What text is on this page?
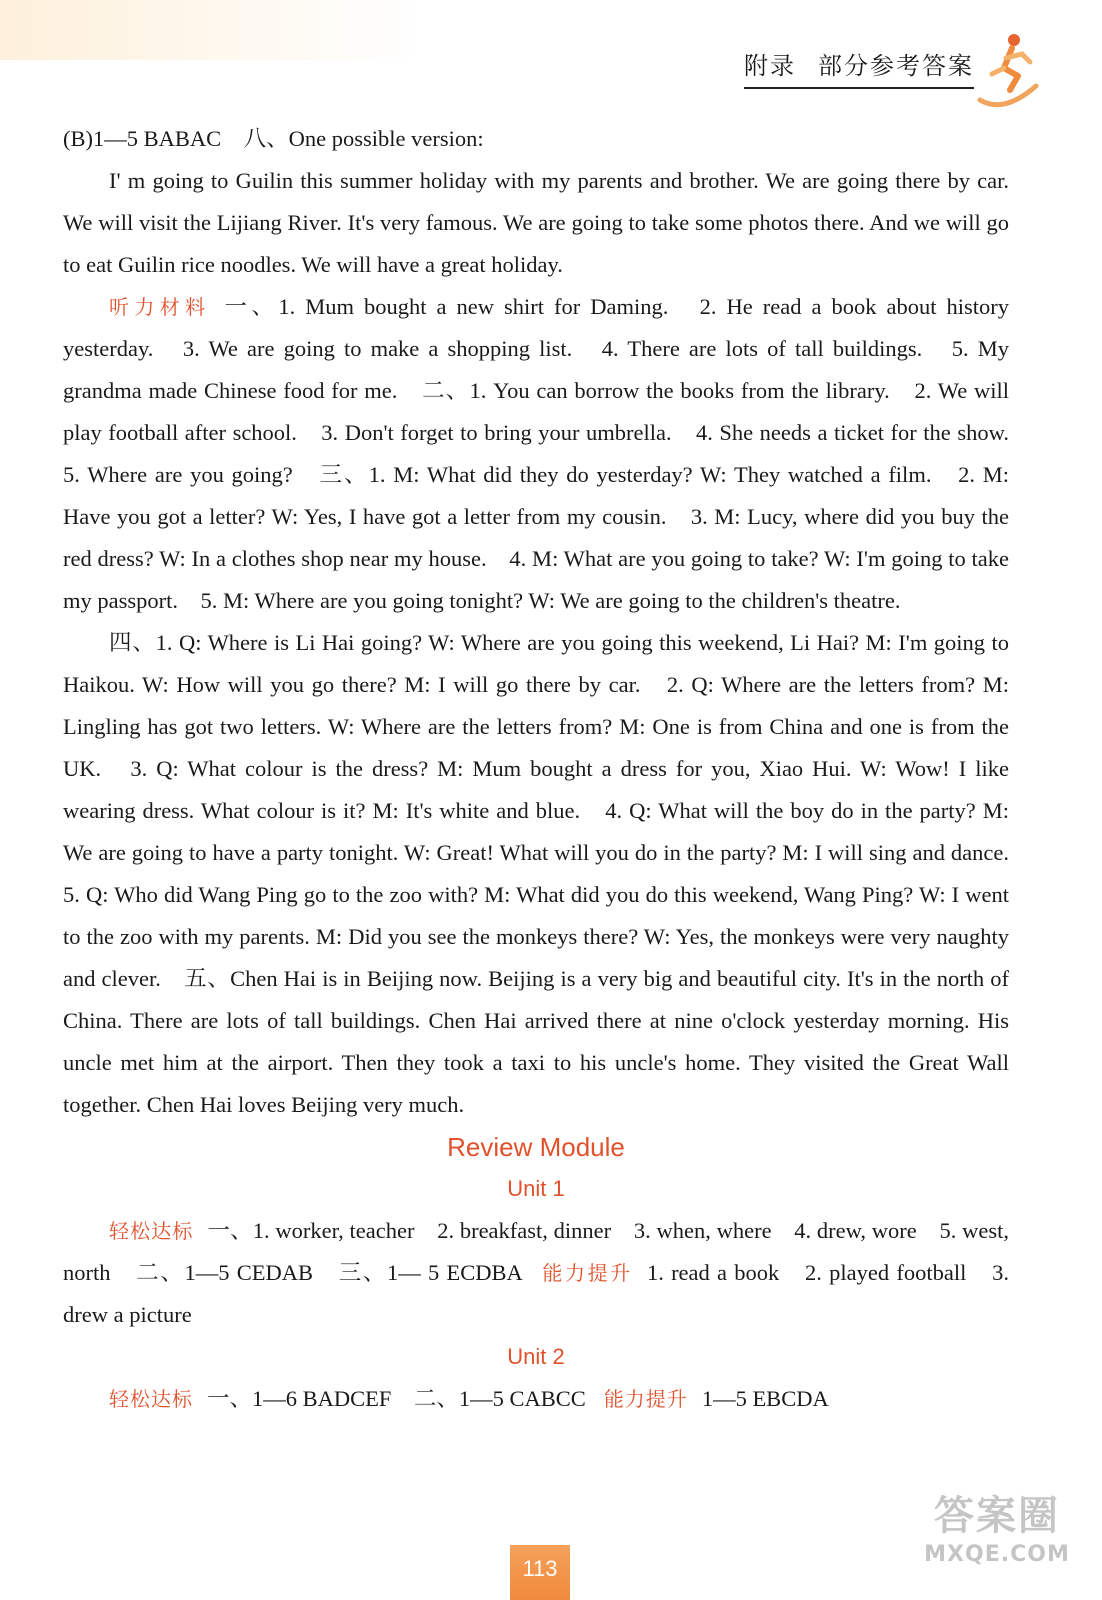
附录 部分参考答案

(B)1—5 BABAC　八、One possible version:

I' m going to Guilin this summer holiday with my parents and brother. We are going there by car. We will visit the Lijiang River. It's very famous. We are going to take some photos there. And we will go to eat Guilin rice noodles. We will have a great holiday.

听力材料 一、1. Mum bought a new shirt for Daming.　2. He read a book about history yesterday.　3. We are going to make a shopping list.　4. There are lots of tall buildings.　5. My grandma made Chinese food for me.　二、1. You can borrow the books from the library.　2. We will play football after school.　3. Don't forget to bring your umbrella.　4. She needs a ticket for the show.　5. Where are you going?　三、1. M: What did they do yesterday? W: They watched a film.　2. M: Have you got a letter? W: Yes, I have got a letter from my cousin.　3. M: Lucy, where did you buy the red dress? W: In a clothes shop near my house.　4. M: What are you going to take? W: I'm going to take my passport.　5. M: Where are you going tonight? W: We are going to the children's theatre.

四、1. Q: Where is Li Hai going? W: Where are you going this weekend, Li Hai? M: I'm going to Haikou. W: How will you go there? M: I will go there by car.　2. Q: Where are the letters from? M: Lingling has got two letters. W: Where are the letters from? M: One is from China and one is from the UK.　3. Q: What colour is the dress? M: Mum bought a dress for you, Xiao Hui. W: Wow! I like wearing dress. What colour is it? M: It's white and blue.　4. Q: What will the boy do in the party? M: We are going to have a party tonight. W: Great! What will you do in the party? M: I will sing and dance.　5. Q: Who did Wang Ping go to the zoo with? M: What did you do this weekend, Wang Ping? W: I went to the zoo with my parents. M: Did you see the monkeys there? W: Yes, the monkeys were very naughty and clever.　五、Chen Hai is in Beijing now. Beijing is a very big and beautiful city. It's in the north of China. There are lots of tall buildings. Chen Hai arrived there at nine o'clock yesterday morning. His uncle met him at the airport. Then they took a taxi to his uncle's home. They visited the Great Wall together. Chen Hai loves Beijing very much.

Review Module

Unit 1

轻松达标 一、1. worker, teacher　2. breakfast, dinner　3. when, where　4. drew, wore　5. west, north　二、1—5 CEDAB　三、1— 5 ECDBA 能力提升 1. read a book　2. played football　3. drew a picture

Unit 2

轻松达标 一、1—6 BADCEF　二、1—5 CABCC 能力提升 1—5 EBCDA

113
答案圈
MXQE.COM
